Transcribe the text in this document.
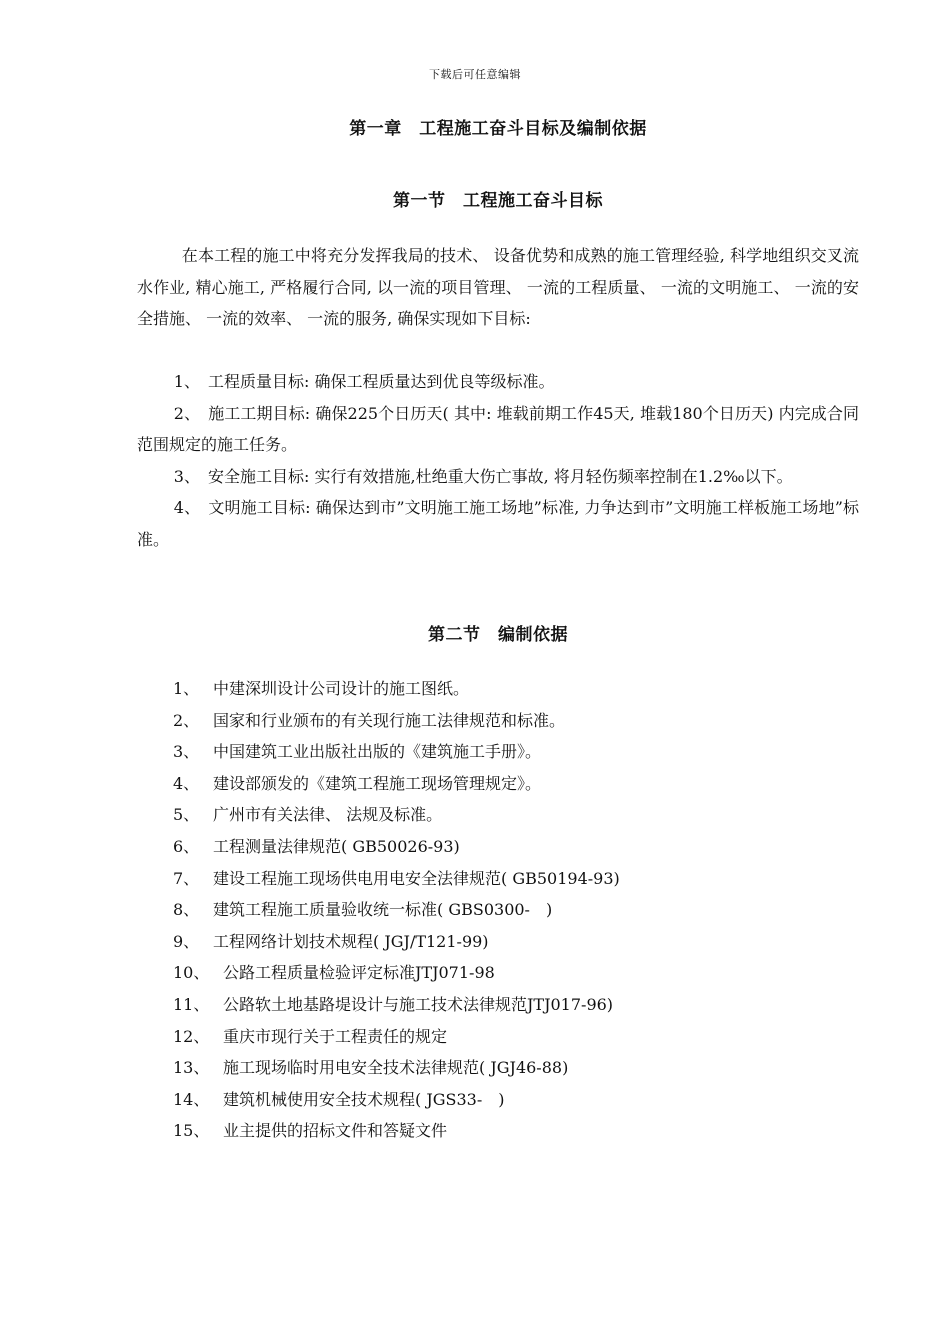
下载后可任意编辑
第一章　工程施工奋斗目标及编制依据
第一节　工程施工奋斗目标
在本工程的施工中将充分发挥我局的技术、 设备优势和成熟的施工管理经验, 科学地组织交叉流水作业, 精心施工, 严格履行合同, 以一流的项目管理、 一流的工程质量、 一流的文明施工、 一流的安全措施、 一流的效率、 一流的服务, 确保实现如下目标:
1、　 工程质量目标: 确保工程质量达到优良等级标准。
2、　 施工工期目标: 确保225个日历天( 其中: 堆载前期工作45天, 堆载180个日历天) 内完成合同范围规定的施工任务。
3、　 安全施工目标: 实行有效措施,杜绝重大伤亡事故, 将月轻伤频率控制在1.2‰以下。
4、　 文明施工目标: 确保达到市”文明施工施工场地”标准, 力争达到市”文明施工样板施工场地”标准。
第二节　编制依据
1、 中建深圳设计公司设计的施工图纸。
2、 国家和行业颁布的有关现行施工法律规范和标准。
3、 中国建筑工业出版社出版的《建筑施工手册》。
4、 建设部颁发的《建筑工程施工现场管理规定》。
5、 广州市有关法律、 法规及标准。
6、 工程测量法律规范( GB50026-93)
7、 建设工程施工现场供电用电安全法律规范( GB50194-93)
8、 建筑工程施工质量验收统一标准( GBS0300-　)
9、 工程网络计划技术规程( JGJ/T121-99)
10、 公路工程质量检验评定标准JTJ071-98
11、 公路软土地基路堤设计与施工技术法律规范JTJ017-96)
12、 重庆市现行关于工程责任的规定
13、 施工现场临时用电安全技术法律规范( JGJ46-88)
14、 建筑机械使用安全技术规程( JGS33-　)
15、 业主提供的招标文件和答疑文件
